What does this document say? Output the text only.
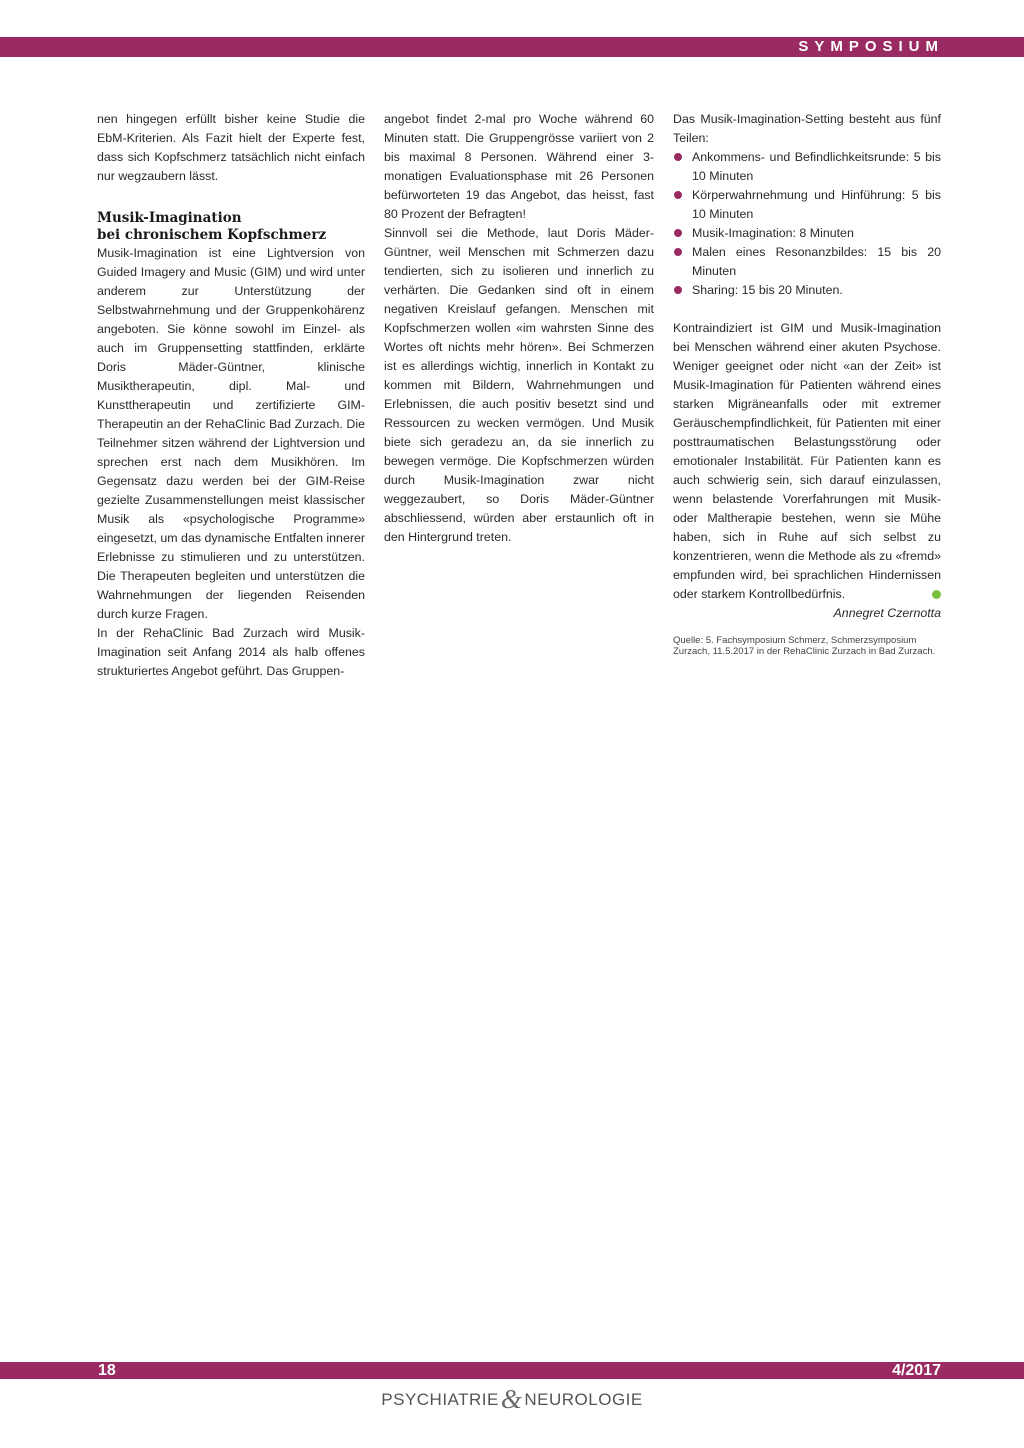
SYMPOSIUM

nen hingegen erfüllt bisher keine Studie die EbM-Kriterien. Als Fazit hielt der Experte fest, dass sich Kopfschmerz tatsächlich nicht einfach nur wegzaubern lässt.

Musik-Imagination
bei chronischem Kopfschmerz

Musik-Imagination ist eine Lightversion von Guided Imagery and Music (GIM) und wird unter anderem zur Unterstützung der Selbstwahrnehmung und der Gruppenkohärenz angeboten. Sie könne sowohl im Einzel- als auch im Gruppensetting stattfinden, erklärte Doris Mäder-Güntner, klinische Musiktherapeutin, dipl. Mal- und Kunsttherapeutin und zertifizierte GIM-Therapeutin an der RehaClinic Bad Zurzach. Die Teilnehmer sitzen während der Lightversion und sprechen erst nach dem Musikhören. Im Gegensatz dazu werden bei der GIM-Reise gezielte Zusammenstellungen meist klassischer Musik als «psychologische Programme» eingesetzt, um das dynamische Entfalten innerer Erlebnisse zu stimulieren und zu unterstützen. Die Therapeuten begleiten und unterstützen die Wahrnehmungen der liegenden Reisenden durch kurze Fragen.

In der RehaClinic Bad Zurzach wird Musik-Imagination seit Anfang 2014 als halb offenes strukturiertes Angebot geführt. Das Gruppen-

angebot findet 2-mal pro Woche während 60 Minuten statt. Die Gruppengrösse variiert von 2 bis maximal 8 Personen. Während einer 3-monatigen Evaluationsphase mit 26 Personen befürworteten 19 das Angebot, das heisst, fast 80 Prozent der Befragten!

Sinnvoll sei die Methode, laut Doris Mäder-Güntner, weil Menschen mit Schmerzen dazu tendierten, sich zu isolieren und innerlich zu verhärten. Die Gedanken sind oft in einem negativen Kreislauf gefangen. Menschen mit Kopfschmerzen wollen «im wahrsten Sinne des Wortes oft nichts mehr hören». Bei Schmerzen ist es allerdings wichtig, innerlich in Kontakt zu kommen mit Bildern, Wahrnehmungen und Erlebnissen, die auch positiv besetzt sind und Ressourcen zu wecken vermögen. Und Musik biete sich geradezu an, da sie innerlich zu bewegen vermöge. Die Kopfschmerzen würden durch Musik-Imagination zwar nicht weggezaubert, so Doris Mäder-Güntner abschliessend, würden aber erstaunlich oft in den Hintergrund treten.

Das Musik-Imagination-Setting besteht aus fünf Teilen:

Ankommens- und Befindlichkeitsrunde: 5 bis 10 Minuten
Körperwahrnehmung und Hinführung: 5 bis 10 Minuten
Musik-Imagination: 8 Minuten
Malen eines Resonanzbildes: 15 bis 20 Minuten
Sharing: 15 bis 20 Minuten.

Kontraindiziert ist GIM und Musik-Imagination bei Menschen während einer akuten Psychose. Weniger geeignet oder nicht «an der Zeit» ist Musik-Imagination für Patienten während eines starken Migräneanfalls oder mit extremer Geräuschempfindlichkeit, für Patienten mit einer posttraumatischen Belastungsstörung oder emotionaler Instabilität. Für Patienten kann es auch schwierig sein, sich darauf einzulassen, wenn belastende Vorerfahrungen mit Musik- oder Maltherapie bestehen, wenn sie Mühe haben, sich in Ruhe auf sich selbst zu konzentrieren, wenn die Methode als zu «fremd» empfunden wird, bei sprachlichen Hindernissen oder starkem Kontrollbedürfnis.

Annegret Czernotta

Quelle: 5. Fachsymposium Schmerz, Schmerzsymposium Zurzach, 11.5.2017 in der RehaClinic Zurzach in Bad Zurzach.

18	4/2017
PSYCHIATRIE& NEUROLOGIE
